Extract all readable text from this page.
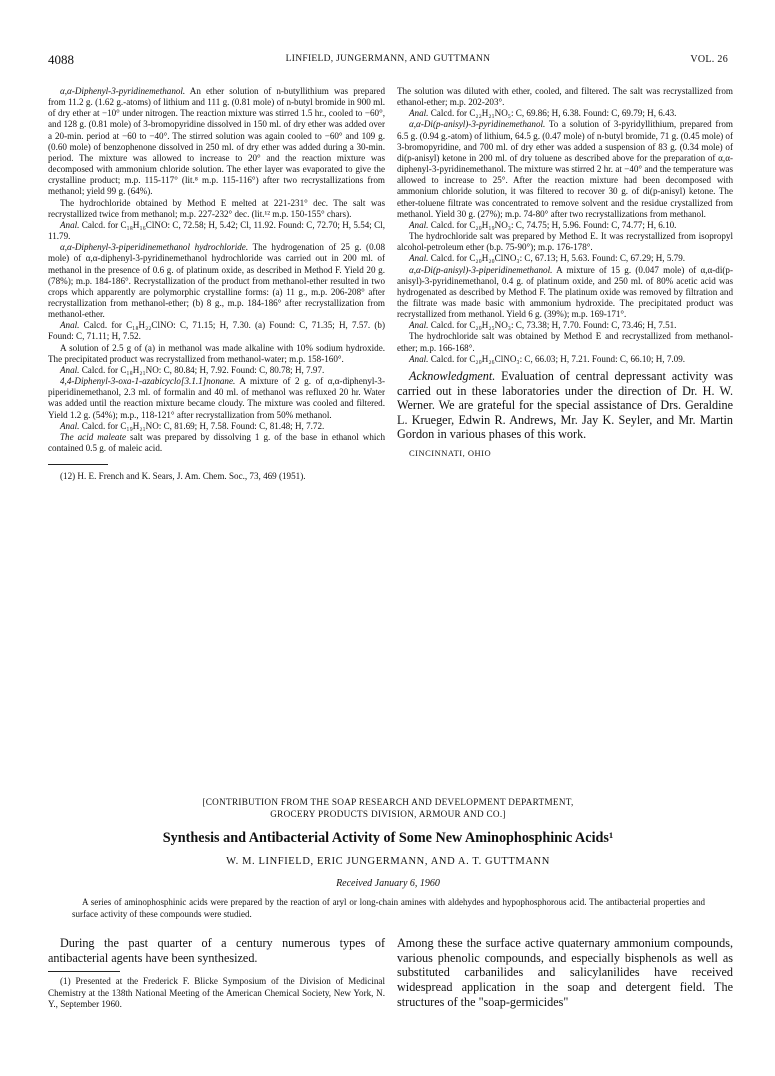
4088	LINFIELD, JUNGERMANN, AND GUTTMANN	VOL. 26

α,α-Diphenyl-3-pyridinemethanol. An ether solution of n-butyllithium was prepared from 11.2 g. (1.62 g.-atoms) of lithium and 111 g. (0.81 mole) of n-butyl bromide in 900 ml. of dry ether at −10° under nitrogen. The reaction mixture was stirred 1.5 hr., cooled to −60°, and 128 g. (0.81 mole) of 3-bromopyridine dissolved in 150 ml. of dry ether was added over a 20-min. period at −60 to −40°. The stirred solution was again cooled to −60° and 109 g. (0.60 mole) of benzophenone dissolved in 250 ml. of dry ether was added during a 30-min. period. The mixture was allowed to increase to 20° and the reaction mixture was decomposed with ammonium chloride solution. The ether layer was evaporated to give the crystalline product; m.p. 115-117° (lit.⁸ m.p. 115-116°) after two recrystallizations from methanol; yield 99 g. (64%).

The hydrochloride obtained by Method E melted at 221-231° dec. The salt was recrystallized twice from methanol; m.p. 227-232° dec. (lit.¹² m.p. 150-155° chars).

Anal. Calcd. for C₁₈H₁₆ClNO: C, 72.58; H, 5.42; Cl, 11.92. Found: C, 72.70; H, 5.54; Cl, 11.79.

α,α-Diphenyl-3-piperidinemethanol hydrochloride. The hydrogenation of 25 g. (0.08 mole) of α,α-diphenyl-3-pyridinemethanol hydrochloride was carried out in 200 ml. of methanol in the presence of 0.6 g. of platinum oxide, as described in Method F. Yield 20 g. (78%); m.p. 184-186°. Recrystallization of the product from methanol-ether resulted in two crops which apparently are polymorphic crystalline forms: (a) 11 g., m.p. 206-208° after recrystallization from methanol-ether; (b) 8 g., m.p. 184-186° after recrystallization from methanol-ether.

Anal. Calcd. for C₁₈H₂₂ClNO: C, 71.15; H, 7.30. (a) Found: C, 71.35; H, 7.57. (b) Found: C, 71.11; H, 7.52.

A solution of 2.5 g of (a) in methanol was made alkaline with 10% sodium hydroxide. The precipitated product was recrystallized from methanol-water; m.p. 158-160°.

Anal. Calcd. for C₁₈H₂₁NO: C, 80.84; H, 7.92. Found: C, 80.78; H, 7.97.

4,4-Diphenyl-3-oxa-1-azabicyclo[3.1.1]nonane. A mixture of 2 g. of α,α-diphenyl-3-piperidinemethanol, 2.3 ml. of formalin and 40 ml. of methanol was refluxed 20 hr. Water was added until the reaction mixture became cloudy. The mixture was cooled and filtered. Yield 1.2 g. (54%); m.p., 118-121° after recrystallization from 50% methanol.

Anal. Calcd. for C₁₉H₂₁NO: C, 81.69; H, 7.58. Found: C, 81.48; H, 7.72.

The acid maleate salt was prepared by dissolving 1 g. of the base in ethanol which contained 0.5 g. of maleic acid.

(12) H. E. French and K. Sears, J. Am. Chem. Soc., 73, 469 (1951).

The solution was diluted with ether, cooled, and filtered. The salt was recrystallized from ethanol-ether; m.p. 202-203°.

Anal. Calcd. for C₂₂H₂₁NO₅: C, 69.86; H, 6.38. Found: C, 69.79; H, 6.43.

α,α-Di(p-anisyl)-3-pyridinemethanol. To a solution of 3-pyridyllithium, prepared from 6.5 g. (0.94 g.-atom) of lithium, 64.5 g. (0.47 mole) of n-butyl bromide, 71 g. (0.45 mole) of 3-bromopyridine, and 700 ml. of dry ether was added a suspension of 83 g. (0.34 mole) of di(p-anisyl) ketone in 200 ml. of dry toluene as described above for the preparation of α,α-diphenyl-3-pyridinemethanol. The mixture was stirred 2 hr. at −40° and the temperature was allowed to increase to 25°. After the reaction mixture had been decomposed with ammonium chloride solution, it was filtered to recover 30 g. of di(p-anisyl) ketone. The ether-toluene filtrate was concentrated to remove solvent and the residue crystallized from methanol. Yield 30 g. (27%); m.p. 74-80° after two recrystallizations from methanol.

Anal. Calcd. for C₂₀H₁₉NO₃: C, 74.75; H, 5.96. Found: C, 74.77; H, 6.10.

The hydrochloride salt was prepared by Method E. It was recrystallized from isopropyl alcohol-petroleum ether (b.p. 75-90°); m.p. 176-178°.

Anal. Calcd. for C₂₀H₂₀ClNO₃: C, 67.13; H, 5.63. Found: C, 67.29; H, 5.79.

α,α-Di(p-anisyl)-3-piperidinemethanol. A mixture of 15 g. (0.047 mole) of α,α-di(p-anisyl)-3-pyridinemethanol, 0.4 g. of platinum oxide, and 250 ml. of 80% acetic acid was hydrogenated as described by Method F. The platinum oxide was removed by filtration and the filtrate was made basic with ammonium hydroxide. The precipitated product was recrystallized from methanol. Yield 6 g. (39%); m.p. 169-171°.

Anal. Calcd. for C₂₀H₂₅NO₃: C, 73.38; H, 7.70. Found: C, 73.46; H, 7.51.

The hydrochloride salt was obtained by Method E and recrystallized from methanol-ether; m.p. 166-168°.

Anal. Calcd. for C₂₀H₂₆ClNO₃: C, 66.03; H, 7.21. Found: C, 66.10; H, 7.09.

Acknowledgment. Evaluation of central depressant activity was carried out in these laboratories under the direction of Dr. H. W. Werner. We are grateful for the special assistance of Drs. Geraldine L. Krueger, Edwin R. Andrews, Mr. Jay K. Seyler, and Mr. Martin Gordon in various phases of this work.

CINCINNATI, OHIO

[CONTRIBUTION FROM THE SOAP RESEARCH AND DEVELOPMENT DEPARTMENT,
GROCERY PRODUCTS DIVISION, ARMOUR AND CO.]
Synthesis and Antibacterial Activity of Some New Aminophosphinic Acids¹
W. M. LINFIELD, ERIC JUNGERMANN, AND A. T. GUTTMANN
Received January 6, 1960
A series of aminophosphinic acids were prepared by the reaction of aryl or long-chain amines with aldehydes and hypophosphorous acid. The antibacterial properties and surface activity of these compounds were studied.

During the past quarter of a century numerous types of antibacterial agents have been synthesized.

(1) Presented at the Frederick F. Blicke Symposium of the Division of Medicinal Chemistry at the 138th National Meeting of the American Chemical Society, New York, N. Y., September 1960.

Among these the surface active quaternary ammonium compounds, various phenolic compounds, and especially bisphenols as well as substituted carbanilides and salicylanilides have received widespread application in the soap and detergent field. The structures of the "soap-germicides"
